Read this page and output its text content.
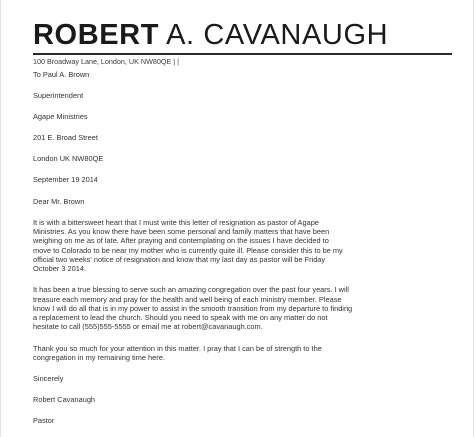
ROBERT A. CAVANAUGH
100 Broadway Lane, London, UK NW80QE | |
To Paul A. Brown
Superintendent
Agape Ministries
201 E. Broad Street
London UK NW80QE
September 19 2014
Dear Mr. Brown
It is with a bittersweet heart that I must write this letter of resignation as pastor of Agape
Ministries. As you know there have been some personal and family matters that have been
weighing on me as of late. After praying and contemplating on the issues I have decided to
move to Colorado to be near my mother who is currently quite ill. Please consider this to be my
official two weeks' notice of resignation and know that my last day as pastor will be Friday
October 3 2014.
It has been a true blessing to serve such an amazing congregation over the past four years. I will
treasure each memory and pray for the health and well being of each ministry member. Please
know I will do all that is in my power to assist in the smooth transition from my departure to finding
a replacement to lead the church. Should you need to speak with me on any matter do not
hesitate to call (555)555-5555 or email me at robert@cavanaugh.com.
Thank you so much for your attention in this matter. I pray that I can be of strength to the
congregation in my remaining time here.
Sincerely
Robert Cavanaugh
Pastor
